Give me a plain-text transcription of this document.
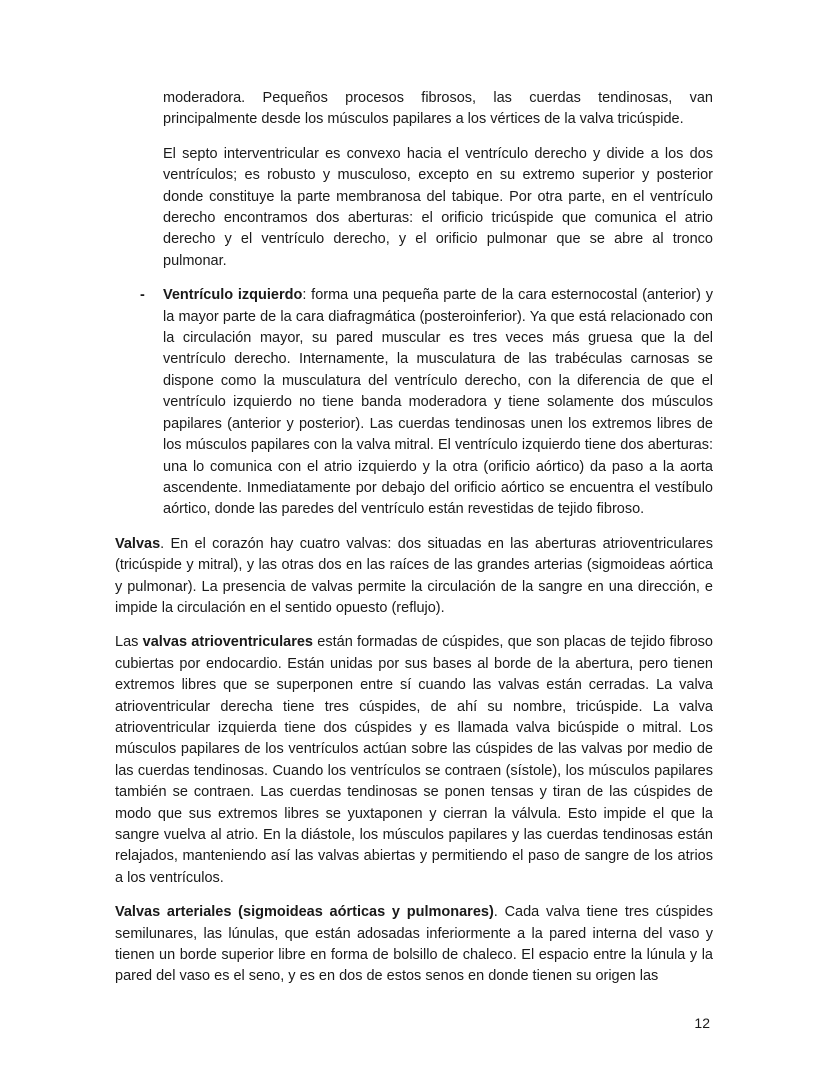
moderadora. Pequeños procesos fibrosos, las cuerdas tendinosas, van principalmente desde los músculos papilares a los vértices de la valva tricúspide.

El septo interventricular es convexo hacia el ventrículo derecho y divide a los dos ventrículos; es robusto y musculoso, excepto en su extremo superior y posterior donde constituye la parte membranosa del tabique. Por otra parte, en el ventrículo derecho encontramos dos aberturas: el orificio tricúspide que comunica el atrio derecho y el ventrículo derecho, y el orificio pulmonar que se abre al tronco pulmonar.

- Ventrículo izquierdo: forma una pequeña parte de la cara esternocostal (anterior) y la mayor parte de la cara diafragmática (posteroinferior). Ya que está relacionado con la circulación mayor, su pared muscular es tres veces más gruesa que la del ventrículo derecho. Internamente, la musculatura de las trabéculas carnosas se dispone como la musculatura del ventrículo derecho, con la diferencia de que el ventrículo izquierdo no tiene banda moderadora y tiene solamente dos músculos papilares (anterior y posterior). Las cuerdas tendinosas unen los extremos libres de los músculos papilares con la valva mitral. El ventrículo izquierdo tiene dos aberturas: una lo comunica con el atrio izquierdo y la otra (orificio aórtico) da paso a la aorta ascendente. Inmediatamente por debajo del orificio aórtico se encuentra el vestíbulo aórtico, donde las paredes del ventrículo están revestidas de tejido fibroso.

Valvas. En el corazón hay cuatro valvas: dos situadas en las aberturas atrioventriculares (tricúspide y mitral), y las otras dos en las raíces de las grandes arterias (sigmoideas aórtica y pulmonar). La presencia de valvas permite la circulación de la sangre en una dirección, e impide la circulación en el sentido opuesto (reflujo).

Las valvas atrioventriculares están formadas de cúspides, que son placas de tejido fibroso cubiertas por endocardio. Están unidas por sus bases al borde de la abertura, pero tienen extremos libres que se superponen entre sí cuando las valvas están cerradas. La valva atrioventricular derecha tiene tres cúspides, de ahí su nombre, tricúspide. La valva atrioventricular izquierda tiene dos cúspides y es llamada valva bicúspide o mitral. Los músculos papilares de los ventrículos actúan sobre las cúspides de las valvas por medio de las cuerdas tendinosas. Cuando los ventrículos se contraen (sístole), los músculos papilares también se contraen. Las cuerdas tendinosas se ponen tensas y tiran de las cúspides de modo que sus extremos libres se yuxtaponen y cierran la válvula. Esto impide el que la sangre vuelva al atrio. En la diástole, los músculos papilares y las cuerdas tendinosas están relajados, manteniendo así las valvas abiertas y permitiendo el paso de sangre de los atrios a los ventrículos.

Valvas arteriales (sigmoideas aórticas y pulmonares). Cada valva tiene tres cúspides semilunares, las lúnulas, que están adosadas inferiormente a la pared interna del vaso y tienen un borde superior libre en forma de bolsillo de chaleco. El espacio entre la lúnula y la pared del vaso es el seno, y es en dos de estos senos en donde tienen su origen las

12
